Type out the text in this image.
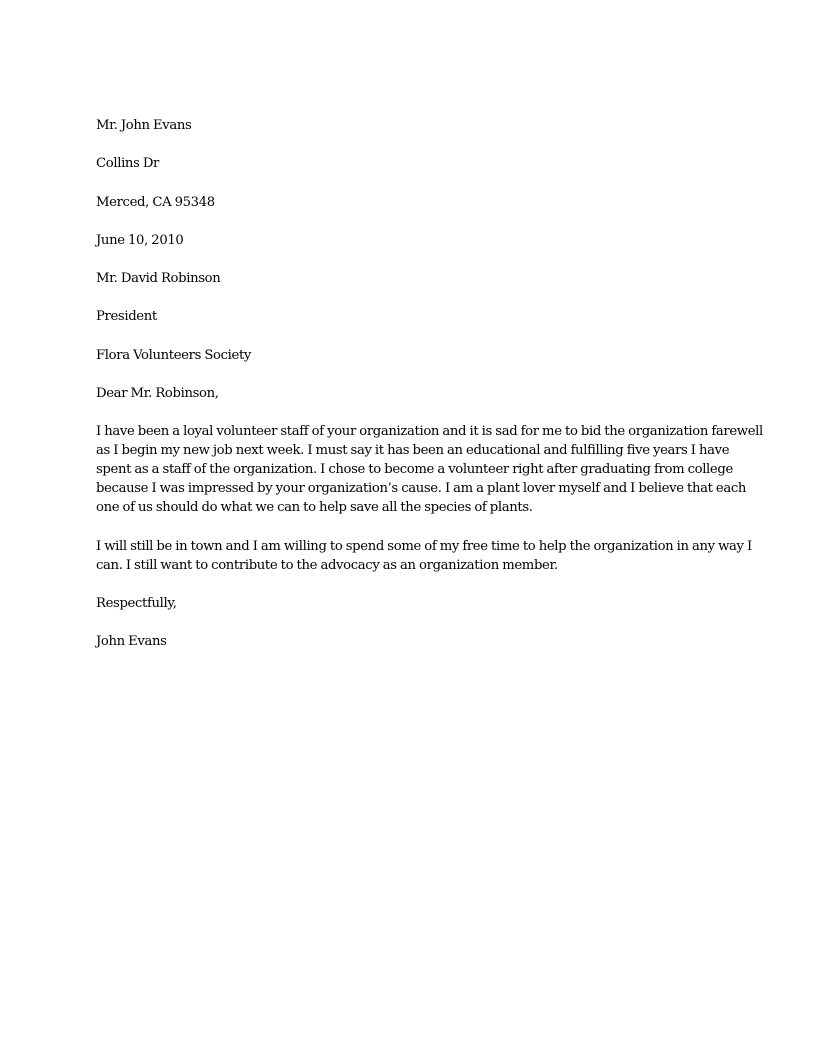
Mr. John Evans
Collins Dr
Merced, CA 95348
June 10, 2010
Mr. David Robinson
President
Flora Volunteers Society
Dear Mr. Robinson,
I have been a loyal volunteer staff of your organization and it is sad for me to bid the organization farewell
as I begin my new job next week. I must say it has been an educational and fulfilling five years I have
spent as a staff of the organization. I chose to become a volunteer right after graduating from college
because I was impressed by your organization’s cause. I am a plant lover myself and I believe that each
one of us should do what we can to help save all the species of plants.
I will still be in town and I am willing to spend some of my free time to help the organization in any way I
can. I still want to contribute to the advocacy as an organization member.
Respectfully,
John Evans
